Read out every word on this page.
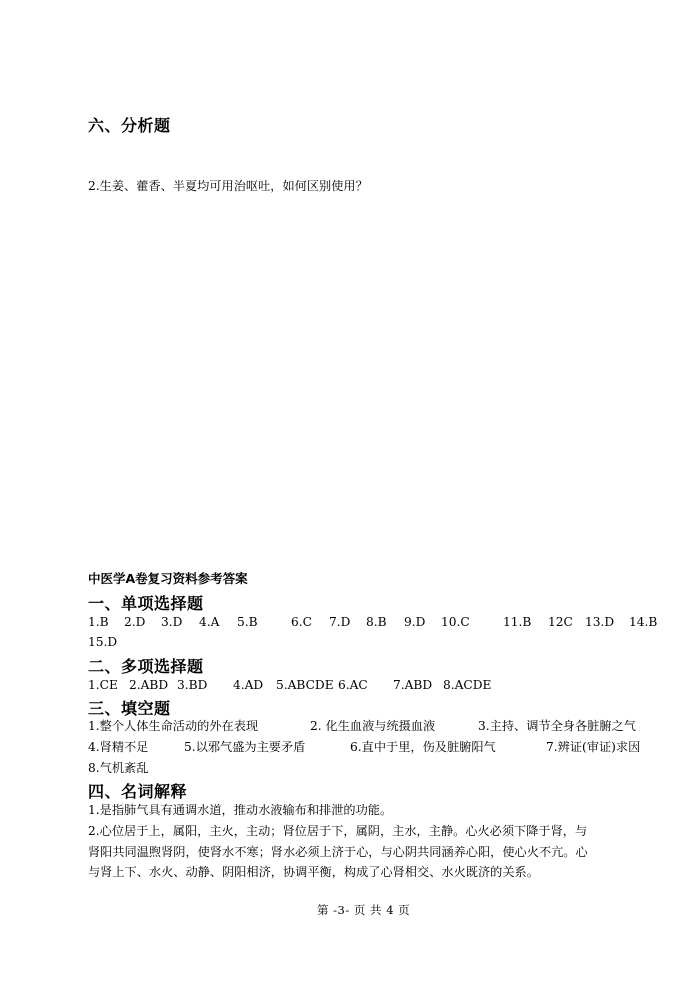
六、分析题
2.生姜、藿香、半夏均可用治呕吐，如何区别使用？
中医学A卷复习资料参考答案
一、单项选择题
1.B 2.D 3.D 4.A 5.B	6.C 7.D 8.B 9.D 10.C	11.B 12C 13.D 14.B
15.D
二、多项选择题
1.CE 2.ABD 3.BD 4.AD 5.ABCDE 6.AC 7.ABD 8.ACDE
三、填空题
1.整个人体生命活动的外在表现	2. 化生血液与统摄血液	3.主持、调节全身各脏腑之气
4.肾精不足	5.以邪气盛为主要矛盾	6.直中于里，伤及脏腑阳气	7.辨证(审证)求因
8.气机紊乱
四、名词解释
1.是指肺气具有通调水道，推动水液输布和排泄的功能。
2.心位居于上，属阳，主火，主动；肾位居于下，属阴，主水，主静。心火必须下降于肾，与
肾阳共同温煦肾阴，使肾水不寒；肾水必须上济于心，与心阴共同涵养心阳，使心火不亢。心
与肾上下、水火、动静、阴阳相济，协调平衡，构成了心肾相交、水火既济的关系。
第 -3- 页 共 4 页
